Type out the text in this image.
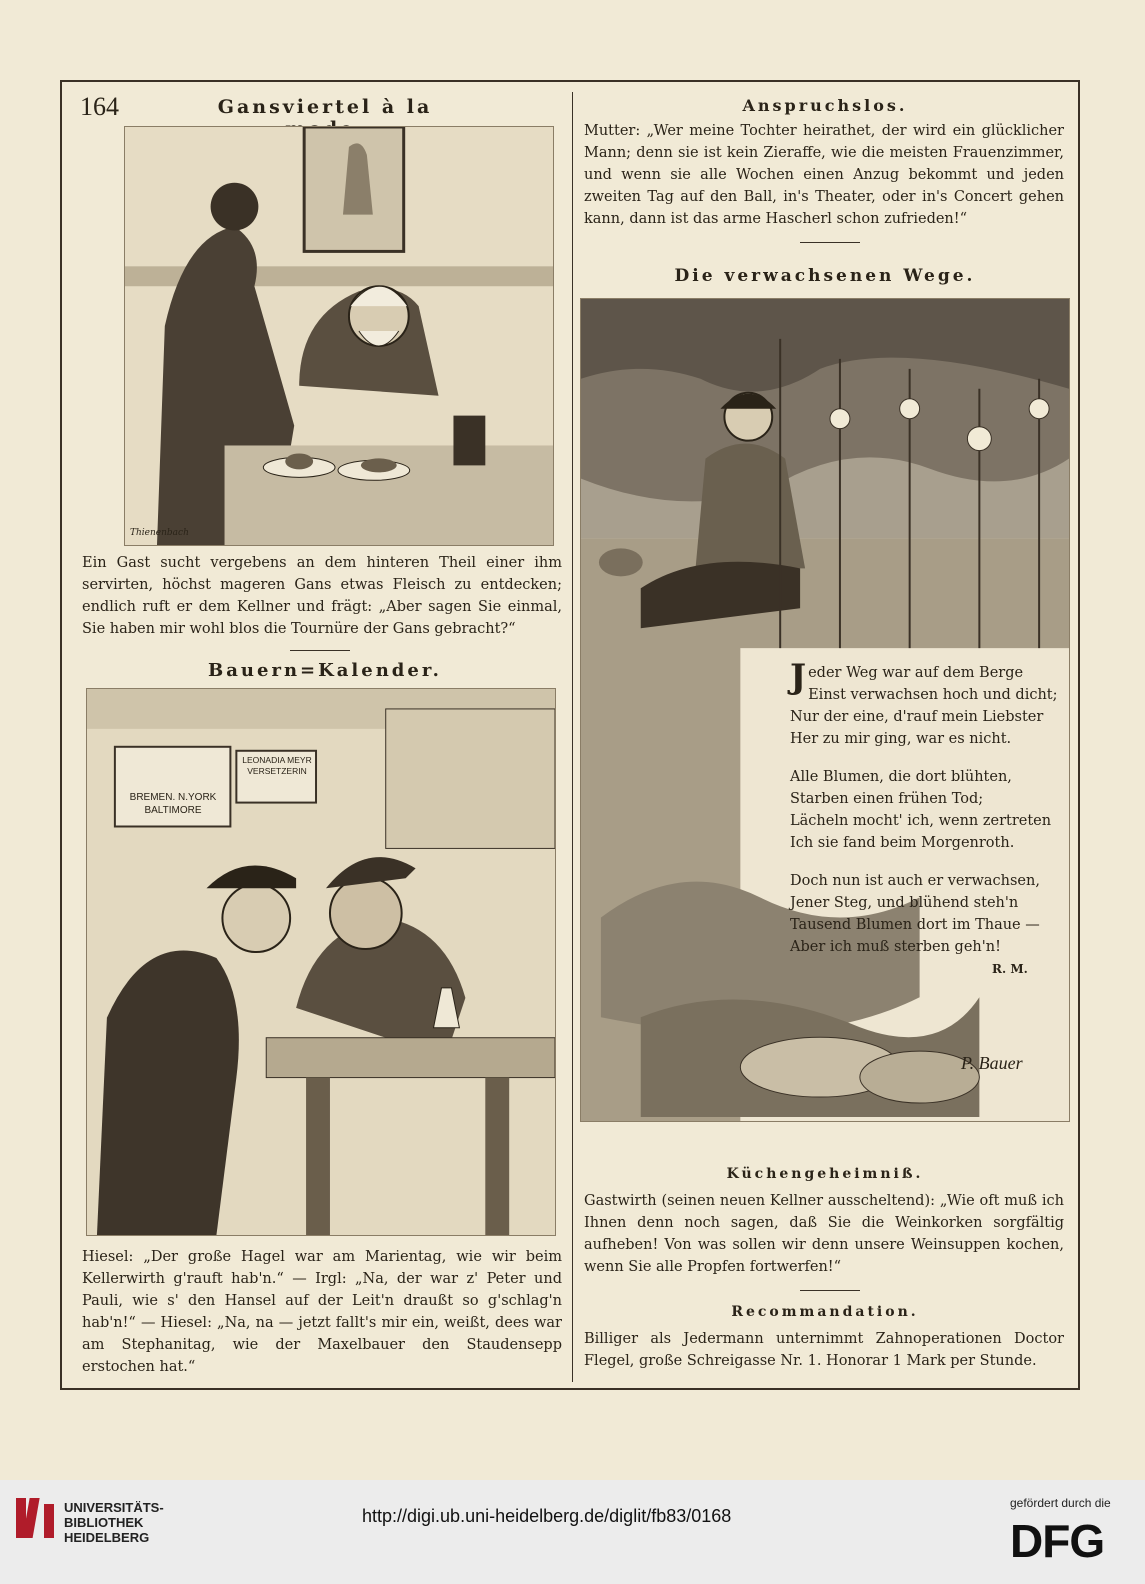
164	Gansviertel à la
Thienenbach
Ein Gast sucht vergebens an dem hinteren Theil einer ihm servirten, höchst mageren Gans etwas Fleisch zu entdecken; endlich ruft er dem Kellner und frägt: „Aber sagen Sie einmal, Sie haben mir wohl blos die Tournüre der Gans gebracht?“
Bauern=Kalender.
LEONADIA MEYR
VERSETZERIN
BREMEN. N.YORK
BALTIMORE
Hiesel: „Der große Hagel war am Marientag, wie wir beim Kellerwirth g'rauft hab'n.“ — Irgl: „Na, der war z' Peter und Pauli, wie s' den Hansel auf der Leit'n draußt so g'schlag'n hab'n!“ — Hiesel: „Na, na — jetzt fallt's mir ein, weißt, dees war am Stephanitag, wie der Maxelbauer den Staudensepp erstochen hat.“
Anspruchslos.
Mutter: „Wer meine Tochter heirathet, der wird ein glücklicher Mann; denn sie ist kein Zieraffe, wie die meisten Frauenzimmer, und wenn sie alle Wochen einen Anzug bekommt und jeden zweiten Tag auf den Ball, in's Theater, oder in's Concert gehen kann, dann ist das arme Hascherl schon zufrieden!“
Die verwachsenen Wege.
P. Bauer
J eder Weg war auf dem Berge
Einst verwachsen hoch und dicht;
Nur der eine, d'rauf mein Liebster
Her zu mir ging, war es nicht.
Alle Blumen, die dort blühten,
Starben einen frühen Tod;
Lächeln mocht' ich, wenn zertreten
Ich sie fand beim Morgenroth.
Doch nun ist auch er verwachsen,
Jener Steg, und blühend steh'n
Tausend Blumen dort im Thaue —
Aber ich muß sterben geh'n!
R. M.
Küchengeheimniß.
Gastwirth (seinen neuen Kellner ausscheltend): „Wie oft muß ich Ihnen denn noch sagen, daß Sie die Weinkorken sorgfältig aufheben! Von was sollen wir denn unsere Weinsuppen kochen, wenn Sie alle Propfen fortwerfen!“
Recommandation.
Billiger als Jedermann unternimmt Zahnoperationen Doctor Flegel, große Schreigasse Nr. 1. Honorar 1 Mark per Stunde.
UNIVERSITÄTS-
BIBLIOTHEK
HEIDELBERG
http://digi.ub.uni-heidelberg.de/diglit/fb83/0168
gefördert durch die
DFG
